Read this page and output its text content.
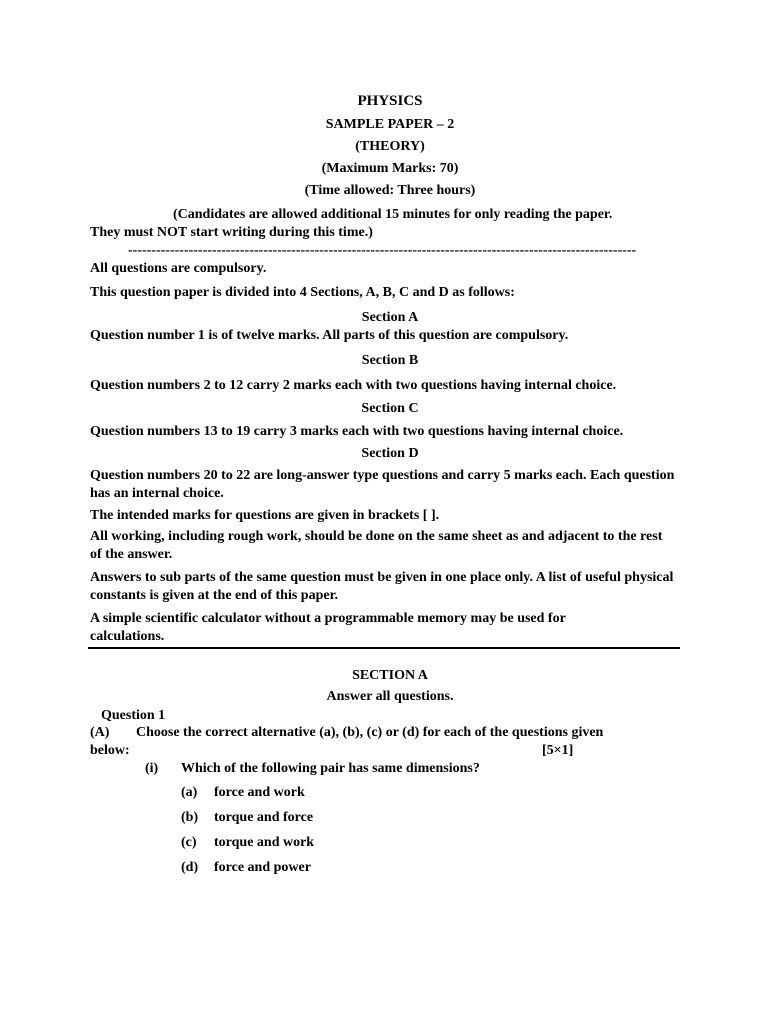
PHYSICS
SAMPLE PAPER – 2
(THEORY)
(Maximum Marks: 70)
(Time allowed: Three hours)
(Candidates are allowed additional 15 minutes for only reading the paper.
They must NOT start writing during this time.)
-------------------------------------------------------------------------------------------------------------
All questions are compulsory.
This question paper is divided into 4 Sections, A, B, C and D as follows:
Section A
Question number 1 is of twelve marks. All parts of this question are compulsory.
Section B
Question numbers 2 to 12 carry 2 marks each with two questions having internal choice.
Section C
Question numbers 13 to 19 carry 3 marks each with two questions having internal choice.
Section D
Question numbers 20 to 22 are long-answer type questions and carry 5 marks each. Each question has an internal choice.
The intended marks for questions are given in brackets [ ].
All working, including rough work, should be done on the same sheet as and adjacent to the rest of the answer.
Answers to sub parts of the same question must be given in one place only. A list of useful physical constants is given at the end of this paper.
A simple scientific calculator without a programmable memory may be used for calculations.
SECTION A
Answer all questions.
Question 1
(A) Choose the correct alternative (a), (b), (c) or (d) for each of the questions given
below:	[5×1]
(i) Which of the following pair has same dimensions?
(a) force and work
(b) torque and force
(c) torque and work
(d) force and power
